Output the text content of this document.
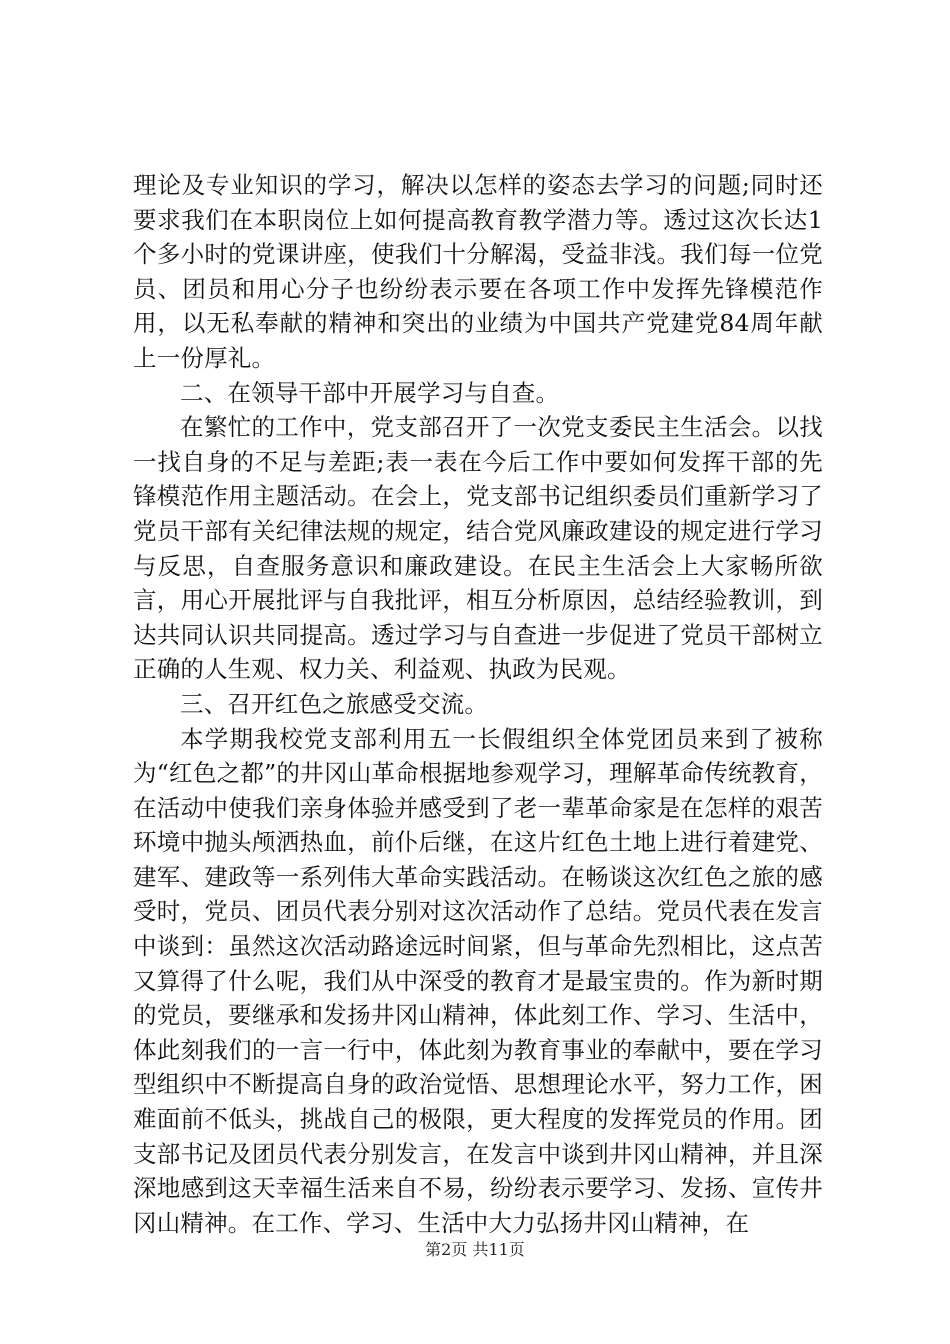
理论及专业知识的学习，解决以怎样的姿态去学习的问题;同时还要求我们在本职岗位上如何提高教育教学潜力等。透过这次长达1个多小时的党课讲座，使我们十分解渴，受益非浅。我们每一位党员、团员和用心分子也纷纷表示要在各项工作中发挥先锋模范作用，以无私奉献的精神和突出的业绩为中国共产党建党84周年献上一份厚礼。

二、在领导干部中开展学习与自查。

在繁忙的工作中，党支部召开了一次党支委民主生活会。以找一找自身的不足与差距;表一表在今后工作中要如何发挥干部的先锋模范作用主题活动。在会上，党支部书记组织委员们重新学习了党员干部有关纪律法规的规定，结合党风廉政建设的规定进行学习与反思，自查服务意识和廉政建设。在民主生活会上大家畅所欲言，用心开展批评与自我批评，相互分析原因，总结经验教训，到达共同认识共同提高。透过学习与自查进一步促进了党员干部树立正确的人生观、权力关、利益观、执政为民观。

三、召开红色之旅感受交流。

本学期我校党支部利用五一长假组织全体党团员来到了被称为“红色之都”的井冈山革命根据地参观学习，理解革命传统教育，在活动中使我们亲身体验并感受到了老一辈革命家是在怎样的艰苦环境中抛头颅洒热血，前仆后继，在这片红色土地上进行着建党、建军、建政等一系列伟大革命实践活动。在畅谈这次红色之旅的感受时，党员、团员代表分别对这次活动作了总结。党员代表在发言中谈到：虽然这次活动路途远时间紧，但与革命先烈相比，这点苦又算得了什么呢，我们从中深受的教育才是最宝贵的。作为新时期的党员，要继承和发扬井冈山精神，体此刻工作、学习、生活中，体此刻我们的一言一行中，体此刻为教育事业的奉献中，要在学习型组织中不断提高自身的政治觉悟、思想理论水平，努力工作，困难面前不低头，挑战自己的极限，更大程度的发挥党员的作用。团支部书记及团员代表分别发言，在发言中谈到井冈山精神，并且深深地感到这天幸福生活来自不易，纷纷表示要学习、发扬、宣传井冈山精神。在工作、学习、生活中大力弘扬井冈山精神，在

第2页 共11页
